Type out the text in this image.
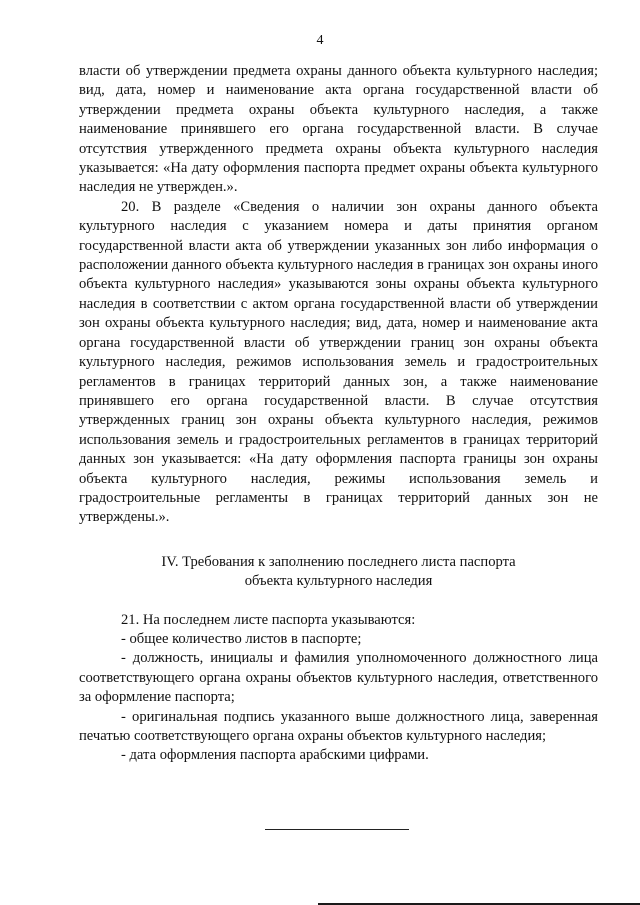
4

власти об утверждении предмета охраны данного объекта культурного наследия; вид, дата, номер и наименование акта органа государственной власти об утверждении предмета охраны объекта культурного наследия, а также наименование принявшего его органа государственной власти. В случае отсутствия утвержденного предмета охраны объекта культурного наследия указывается: «На дату оформления паспорта предмет охраны объекта культурного наследия не утвержден.».

20. В разделе «Сведения о наличии зон охраны данного объекта культурного наследия с указанием номера и даты принятия органом государственной власти акта об утверждении указанных зон либо информация о расположении данного объекта культурного наследия в границах зон охраны иного объекта культурного наследия» указываются зоны охраны объекта культурного наследия в соответствии с актом органа государственной власти об утверждении зон охраны объекта культурного наследия; вид, дата, номер и наименование акта органа государственной власти об утверждении границ зон охраны объекта культурного наследия, режимов использования земель и градостроительных регламентов в границах территорий данных зон, а также наименование принявшего его органа государственной власти. В случае отсутствия утвержденных границ зон охраны объекта культурного наследия, режимов использования земель и градостроительных регламентов в границах территорий данных зон указывается: «На дату оформления паспорта границы зон охраны объекта культурного наследия, режимы использования земель и градостроительные регламенты в границах территорий данных зон не утверждены.».

IV. Требования к заполнению последнего листа паспорта
объекта культурного наследия

21. На последнем листе паспорта указываются:

- общее количество листов в паспорте;

- должность, инициалы и фамилия уполномоченного должностного лица соответствующего органа охраны объектов культурного наследия, ответственного за оформление паспорта;

- оригинальная подпись указанного выше должностного лица, заверенная печатью соответствующего органа охраны объектов культурного наследия;

- дата оформления паспорта арабскими цифрами.
